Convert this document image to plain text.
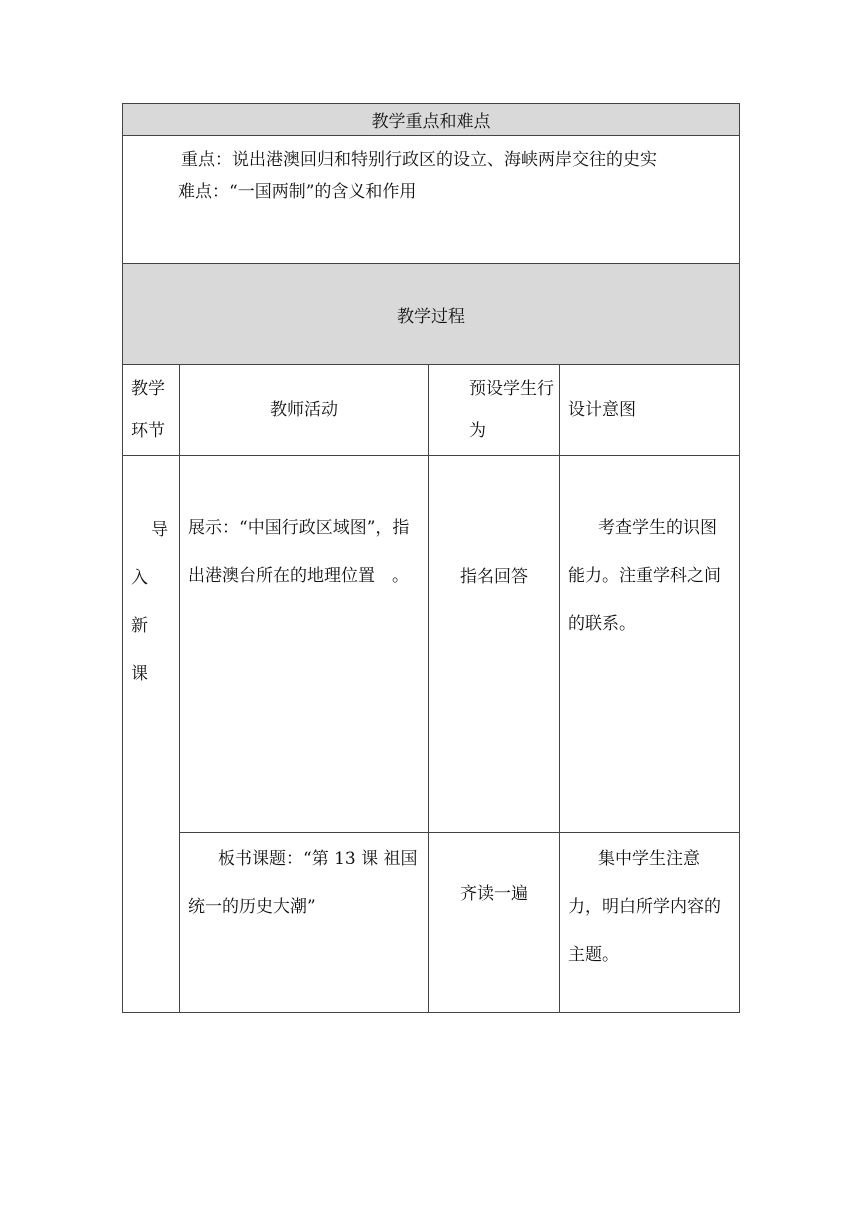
教学重点和难点			

重点：说出港澳回归和特别行政区的设立、海峡两岸交往的史实

难点：“一国两制”的含义和作用			

教学过程			
教学环节	教师活动	预设学生行为	设计意图

导
入
新
课	展示：“中国行政区域图”，指出港澳台所在的地理位置　。	指名回答	考查学生的识图能力。注重学科之间的联系。
	板书课题：“第 13 课 祖国统一的历史大潮”	齐读一遍	集中学生注意力，明白所学内容的主题。
